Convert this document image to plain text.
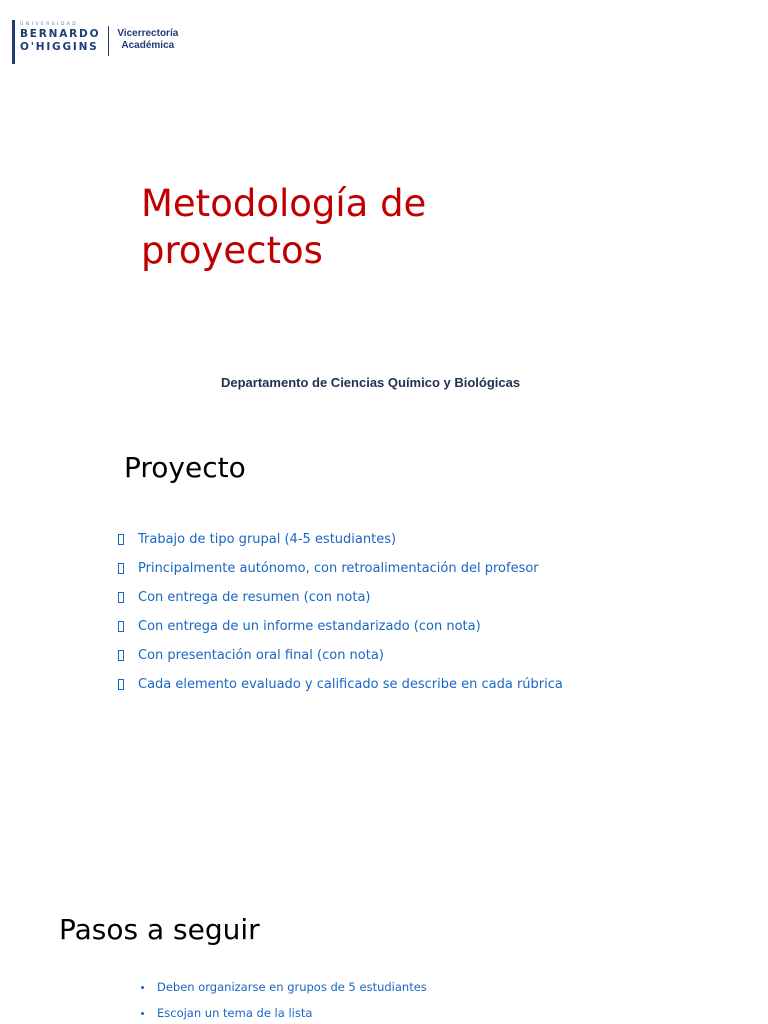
UNIVERSIDAD
BERNARDO
O'HIGGINS
Vicerrectoría
Académica
Metodología de
proyectos

Departamento de Ciencias Químico y Biológicas

Proyecto
Trabajo de tipo grupal (4-5 estudiantes)
Principalmente autónomo, con retroalimentación del profesor
Con entrega de resumen (con nota)
Con entrega de un informe estandarizado (con nota)
Con presentación oral final (con nota)
Cada elemento evaluado y calificado se describe en cada rúbrica
Pasos a seguir
Deben organizarse en grupos de 5 estudiantes
Escojan un tema de la lista
